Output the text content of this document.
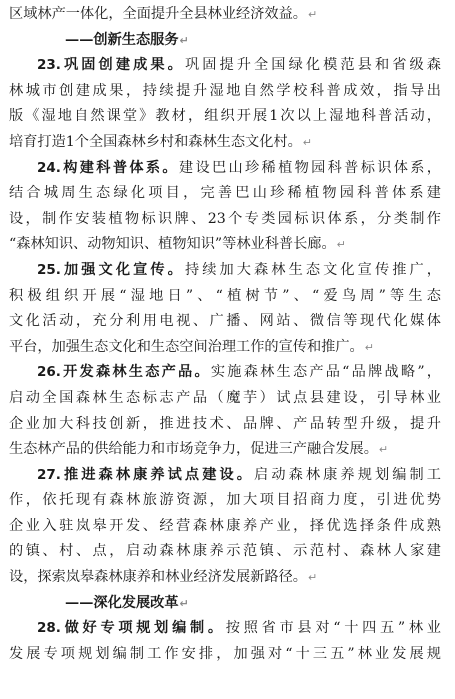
区域林产一体化，全面提升全县林业经济效益。↵
——创新生态服务↵
23.巩固创建成果。巩固提升全国绿化模范县和省级森
林城市创建成果，持续提升湿地自然学校科普成效，指导出
版《湿地自然课堂》教材，组织开展1次以上湿地科普活动，
培育打造1个全国森林乡村和森林生态文化村。↵
24.构建科普体系。建设巴山珍稀植物园科普标识体系，
结合城周生态绿化项目，完善巴山珍稀植物园科普体系建
设，制作安装植物标识牌、23个专类园标识体系，分类制作
“森林知识、动物知识、植物知识”等林业科普长廊。↵
25.加强文化宣传。持续加大森林生态文化宣传推广，
积极组织开展“湿地日”、“植树节”、“爱鸟周”等生态
文化活动，充分利用电视、广播、网站、微信等现代化媒体
平台，加强生态文化和生态空间治理工作的宣传和推广。↵
26.开发森林生态产品。实施森林生态产品“品牌战略”，
启动全国森林生态标志产品（魔芋）试点县建设，引导林业
企业加大科技创新，推进技术、品牌、产品转型升级，提升
生态林产品的供给能力和市场竞争力，促进三产融合发展。↵
27.推进森林康养试点建设。启动森林康养规划编制工
作，依托现有森林旅游资源，加大项目招商力度，引进优势
企业入驻岚皋开发、经营森林康养产业，择优选择条件成熟
的镇、村、点，启动森林康养示范镇、示范村、森林人家建
设，探索岚皋森林康养和林业经济发展新路径。↵
——深化发展改革↵
28.做好专项规划编制。按照省市县对“十四五”林业
发展专项规划编制工作安排，加强对“十三五”林业发展规
